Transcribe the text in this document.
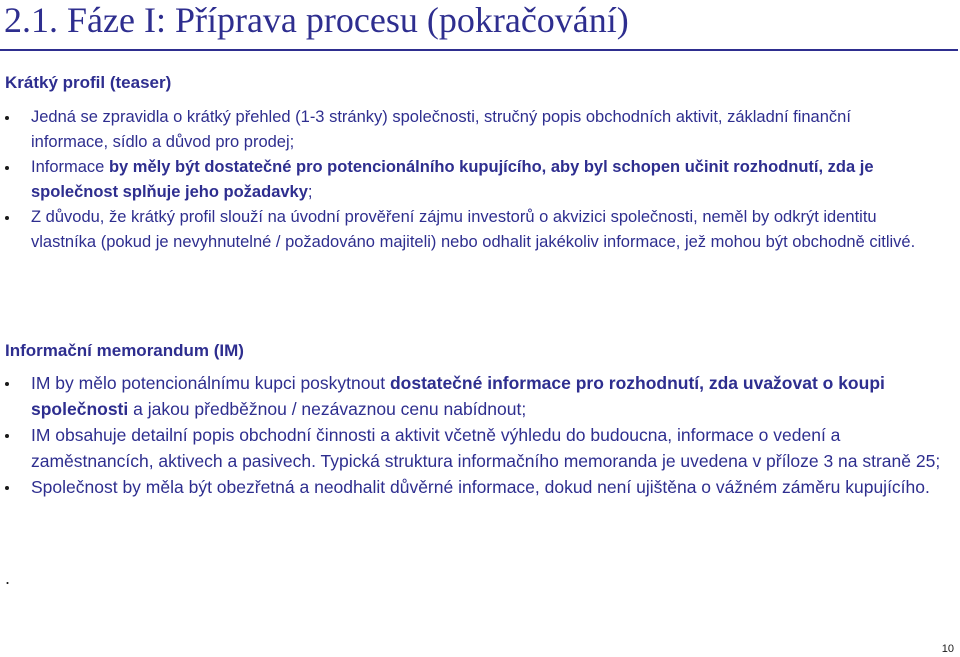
2.1. Fáze I: Příprava procesu (pokračování)
Krátký profil (teaser)
Jedná se zpravidla o krátký přehled (1-3 stránky) společnosti, stručný popis obchodních aktivit, základní finanční informace, sídlo a důvod pro prodej;
Informace by měly být dostatečné pro potencionálního kupujícího, aby byl schopen učinit rozhodnutí, zda je společnost splňuje jeho požadavky;
Z důvodu, že krátký profil slouží na úvodní prověření zájmu investorů o akvizici společnosti, neměl by odkrýt identitu vlastníka (pokud je nevyhnutelné / požadováno majiteli) nebo odhalit jakékoliv informace, jež mohou být obchodně citlivé.
Informační memorandum (IM)
IM by mělo potencionálnímu kupci poskytnout dostatečné informace pro rozhodnutí, zda uvažovat o koupi společnosti a jakou předběžnou / nezávaznou cenu nabídnout;
IM obsahuje detailní popis obchodní činnosti a aktivit včetně výhledu do budoucna, informace o vedení a zaměstnancích, aktivech a pasivech. Typická struktura informačního memoranda je uvedena v příloze 3 na straně 25;
Společnost by měla být obezřetná a neodhalit důvěrné informace, dokud není ujištěna o vážném záměru kupujícího.
.
10
